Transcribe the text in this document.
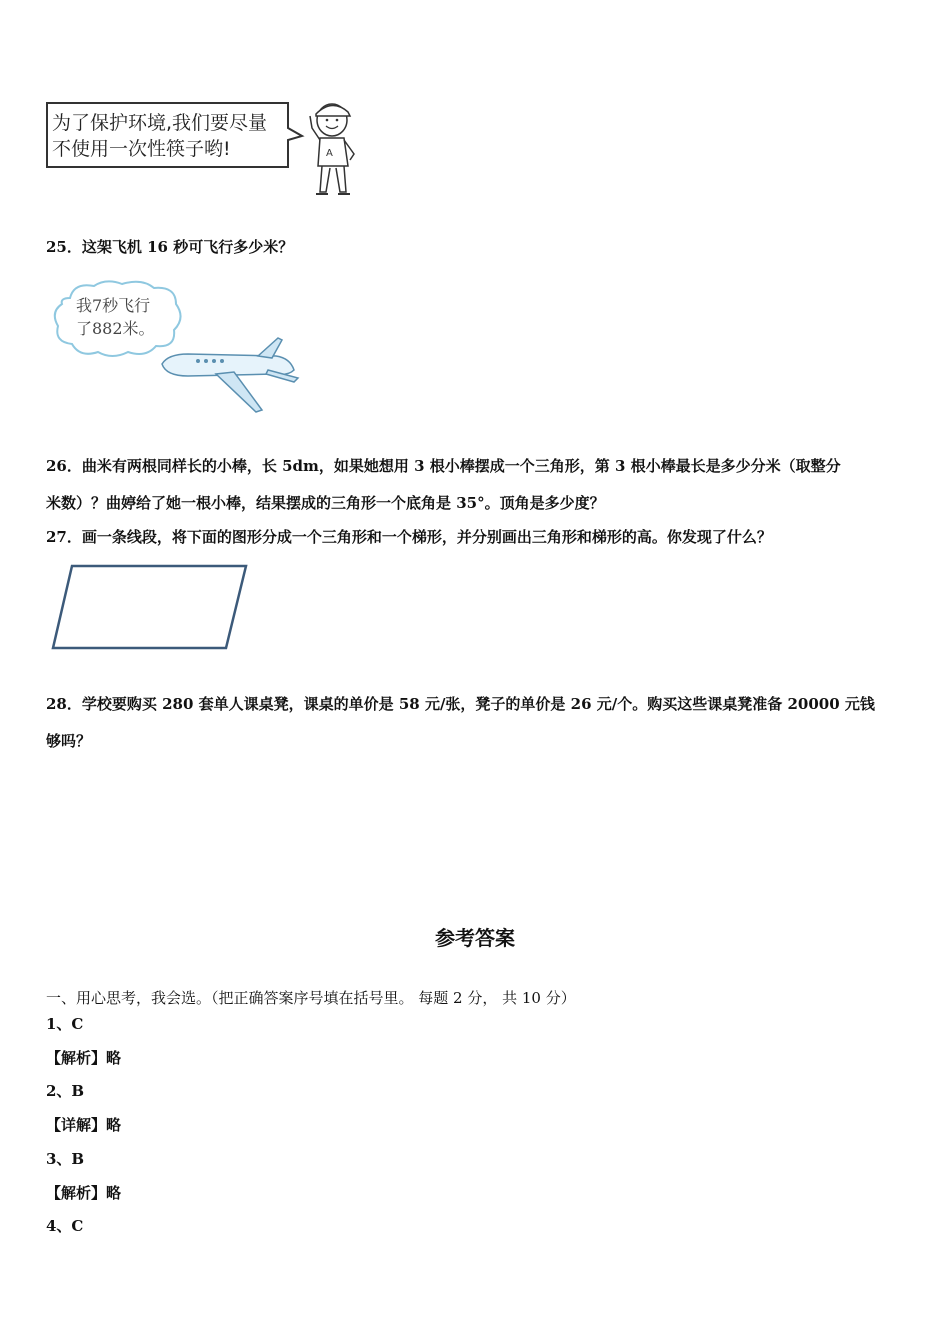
为了保护环境,我们要尽量
不使用一次性筷子哟!	A
25．这架飞机 16 秒可飞行多少米？
我7秒飞行
了882米。
26．曲米有两根同样长的小棒，长 5dm，如果她想用 3 根小棒摆成一个三角形，第 3 根小棒最长是多少分米（取整分
米数）？曲婷给了她一根小棒，结果摆成的三角形一个底角是 35°。顶角是多少度？
27．画一条线段，将下面的图形分成一个三角形和一个梯形，并分别画出三角形和梯形的高。你发现了什么？
28．学校要购买 280 套单人课桌凳，课桌的单价是 58 元/张，凳子的单价是 26 元/个。购买这些课桌凳准备 20000 元钱
够吗？
参考答案
一、用心思考，我会选。（把正确答案序号填在括号里。 每题 2 分， 共 10 分）
1、C
【解析】略
2、B
【详解】略
3、B
【解析】略
4、C
